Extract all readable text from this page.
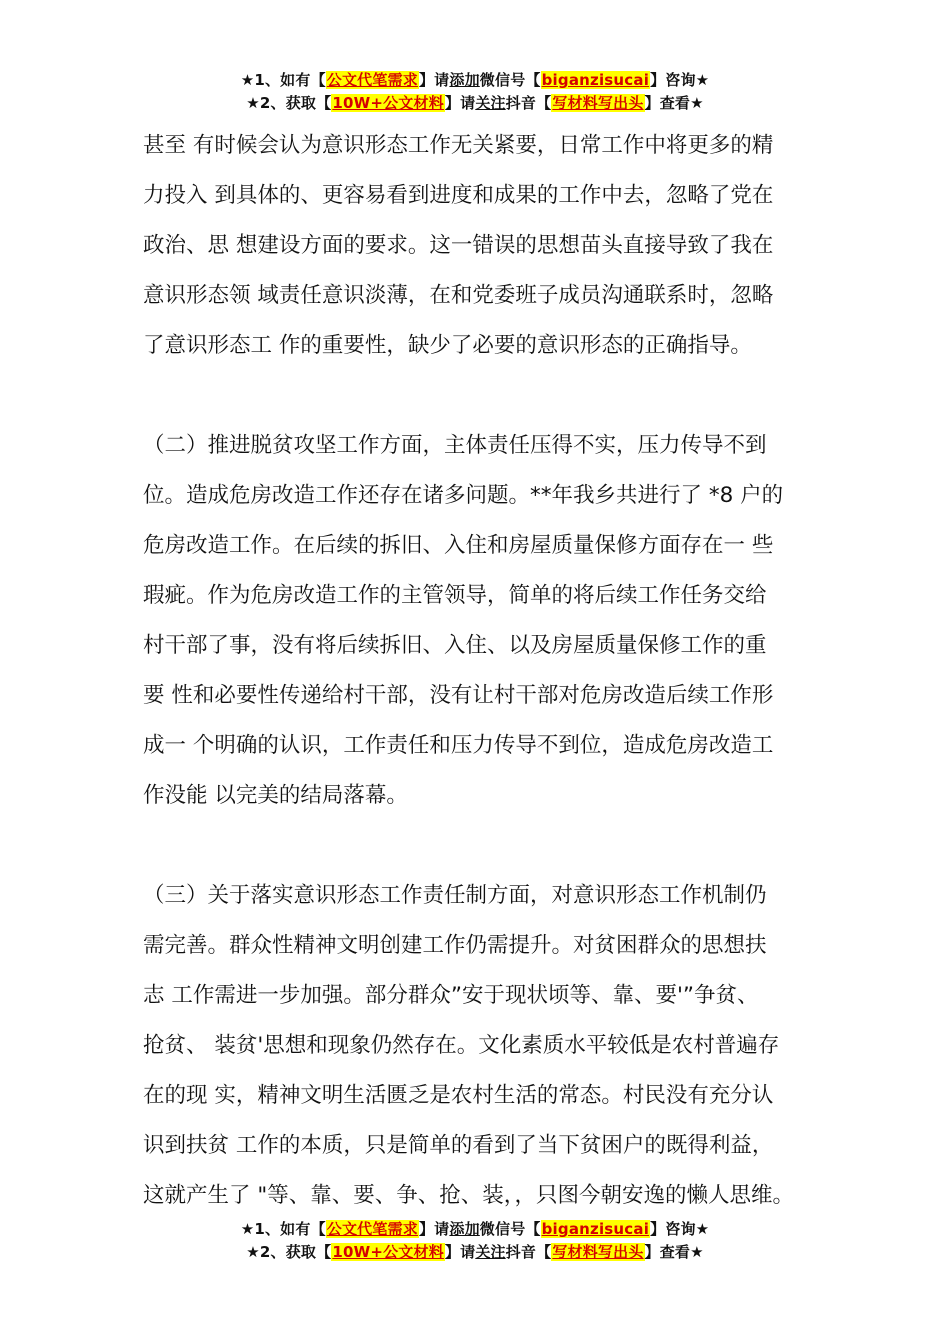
★1、如有【公文代笔需求】请添加微信号【biganzisucai】咨询★
★2、获取【10W+公文材料】请关注抖音【写材料写出头】查看★
甚至 有时候会认为意识形态工作无关紧要，日常工作中将更多的精
力投入 到具体的、更容易看到进度和成果的工作中去，忽略了党在
政治、思 想建设方面的要求。这一错误的思想苗头直接导致了我在
意识形态领 域责任意识淡薄，在和党委班子成员沟通联系时，忽略
了意识形态工 作的重要性，缺少了必要的意识形态的正确指导。
（二）推进脱贫攻坚工作方面，主体责任压得不实，压力传导不到
位。造成危房改造工作还存在诸多问题。**年我乡共进行了 *8 户的
危房改造工作。在后续的拆旧、入住和房屋质量保修方面存在一 些
瑕疵。作为危房改造工作的主管领导，简单的将后续工作任务交给
村干部了事，没有将后续拆旧、入住、以及房屋质量保修工作的重
要 性和必要性传递给村干部，没有让村干部对危房改造后续工作形
成一 个明确的认识，工作责任和压力传导不到位，造成危房改造工
作没能 以完美的结局落幕。
（三）关于落实意识形态工作责任制方面，对意识形态工作机制仍
需完善。群众性精神文明创建工作仍需提升。对贫困群众的思想扶
志 工作需进一步加强。部分群众”安于现状顷等、靠、要'”争贫、
抢贫、 装贫'思想和现象仍然存在。文化素质水平较低是农村普遍存
在的现 实，精神文明生活匮乏是农村生活的常态。村民没有充分认
识到扶贫 工作的本质，只是简单的看到了当下贫困户的既得利益，
这就产生了 "等、靠、要、争、抢、装，，只图今朝安逸的懒人思维。
★1、如有【公文代笔需求】请添加微信号【biganzisucai】咨询★
★2、获取【10W+公文材料】请关注抖音【写材料写出头】查看★
